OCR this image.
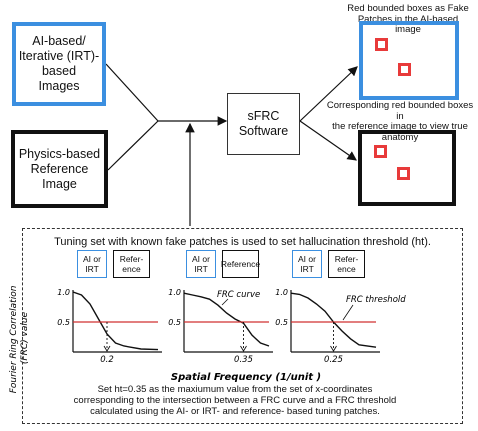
Fourier Ring Correlation (FRC) value
Spatial Frequency (1/unit )
0.5
1.0
0.2
0.5
1.0
0.35
FRC curve
0.5
1.0
0.25
FRC threshold
AI-based/
Iterative (IRT)-
based
Images
Physics-based
Reference Image
sFRC
Software
Red bounded boxes as Fake
Patches in the AI-based image
Corresponding red bounded boxes in
the reference image to view true
anatomy
Tuning set with known fake patches is used to set hallucination threshold (ht).
AI or
IRT
Refer-
ence
AI or
IRT	Reference	AI or
IRT
Refer-
ence
Set ht=0.35 as the maxiumum value from the set of x-coordinates
corresponding to the intersection between a FRC curve and a FRC threshold
calculated using the AI- or IRT- and reference- based tuning patches.
